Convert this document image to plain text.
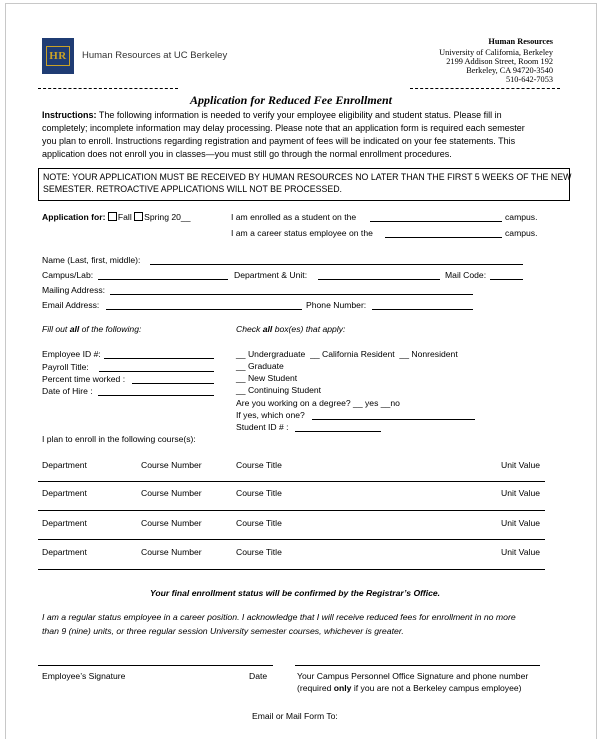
HR	Human Resources at UC Berkeley
Human Resources
University of California, Berkeley
2199 Addison Street, Room 192
Berkeley, CA 94720-3540
510-642-7053
Application for Reduced Fee Enrollment
Instructions: The following information is needed to verify your employee eligibility and student status. Please fill in
completely; incomplete information may delay processing. Please note that an application form is required each semester
you plan to enroll. Instructions regarding registration and payment of fees will be indicated on your fee statements. This
application does not enroll you in classes—you must still go through the normal enrollment procedures.
NOTE: YOUR APPLICATION MUST BE RECEIVED BY HUMAN RESOURCES NO LATER THAN THE FIRST 5 WEEKS OF THE NEW
SEMESTER. RETROACTIVE APPLICATIONS WILL NOT BE PROCESSED.
Application for: Fall Spring 20__	I am enrolled as a student on the	campus.
I am a career status employee on the	campus.
Name (Last, first, middle):
Campus/Lab:	Department & Unit:	Mail Code:
Mailing Address:
Email Address:	Phone Number:
Fill out all of the following:
Employee ID #:
Payroll Title:
Percent time worked :
Date of Hire :
Check all box(es) that apply:
__ Undergraduate  __ California Resident  __ Nonresident
__ Graduate
__ New Student
__ Continuing Student
Are you working on a degree? __ yes __no
If yes, which one?
Student ID # :
I plan to enroll in the following course(s):
Department	Course Number	Course Title	Unit Value
Department	Course Number	Course Title	Unit Value
Department	Course Number	Course Title	Unit Value
Department	Course Number	Course Title	Unit Value
Your final enrollment status will be confirmed by the Registrar’s Office.
I am a regular status employee in a career position. I acknowledge that I will receive reduced fees for enrollment in no more
than 9 (nine) units, or three regular session University semester courses, whichever is greater.
Employee’s Signature	Date	Your Campus Personnel Office Signature and phone number
(required only if you are not a Berkeley campus employee)
Email or Mail Form To:
